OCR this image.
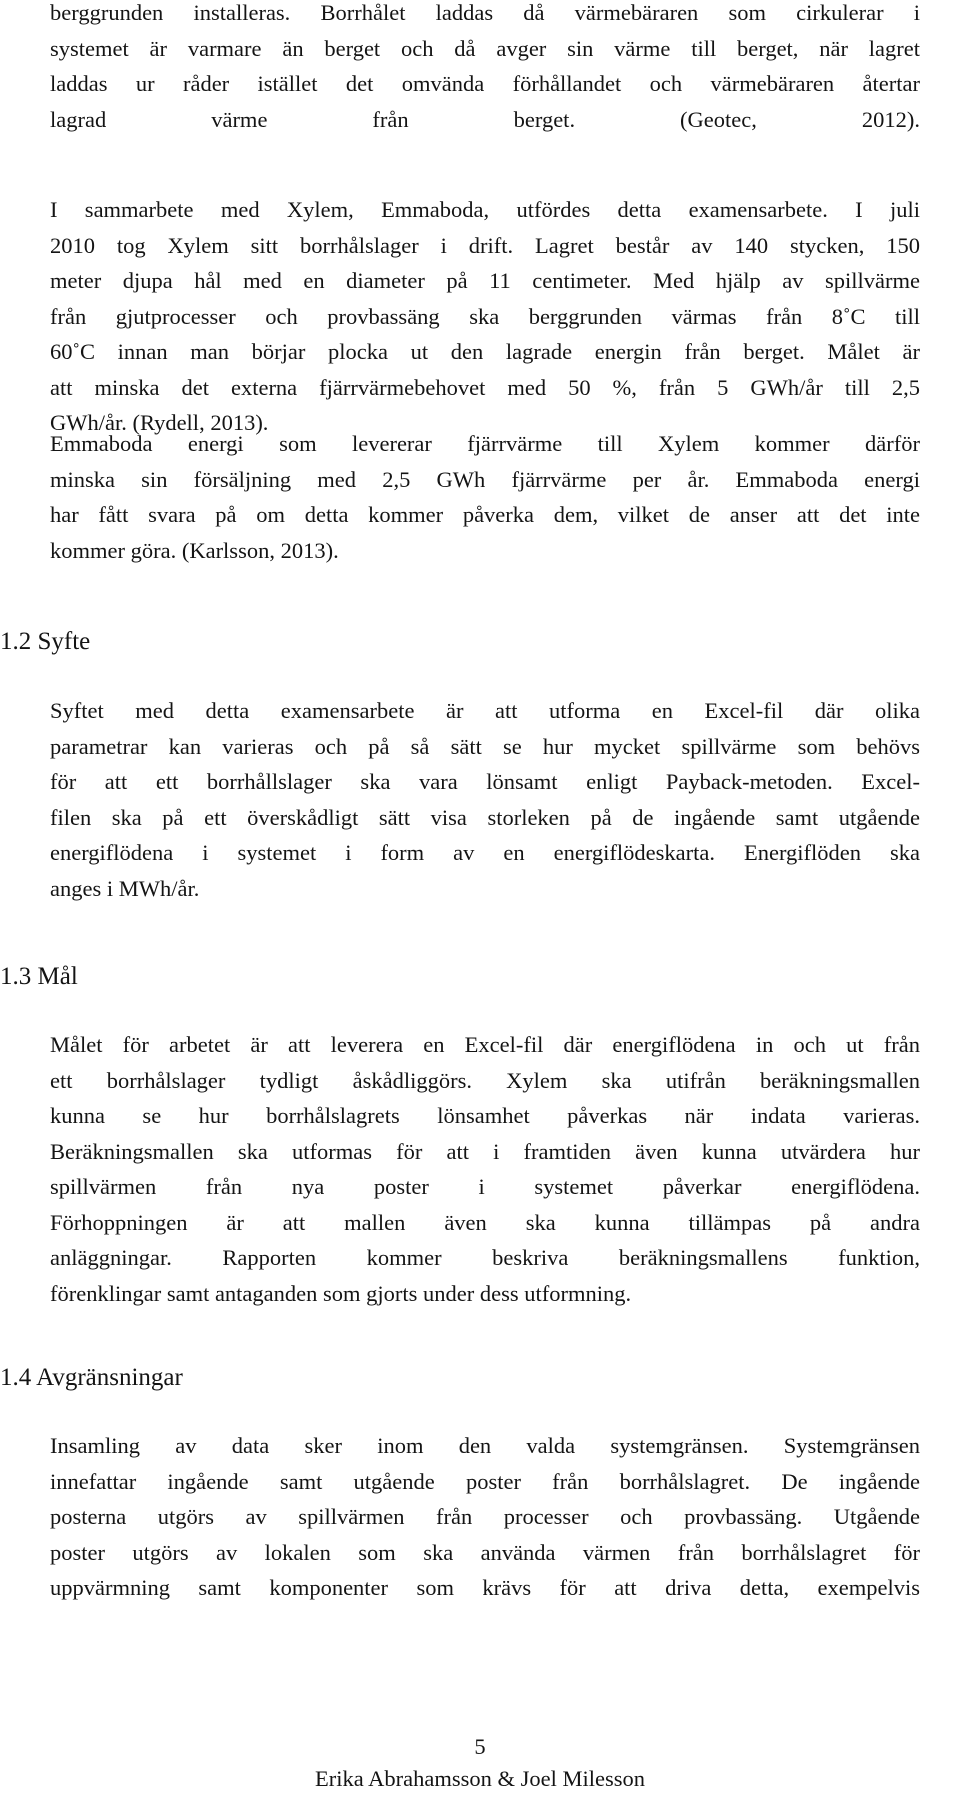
berggrunden installeras. Borrhålet laddas då värmebäraren som cirkulerar i
systemet är varmare än berget och då avger sin värme till berget, när lagret
laddas ur råder istället det omvända förhållandet och värmebäraren återtar
lagrad värme från berget. (Geotec, 2012).
I sammarbete med Xylem, Emmaboda, utfördes detta examensarbete. I juli
2010 tog Xylem sitt borrhålslager i drift. Lagret består av 140 stycken, 150
meter djupa hål med en diameter på 11 centimeter. Med hjälp av spillvärme
från gjutprocesser och provbassäng ska berggrunden värmas från 8˚C till
60˚C innan man börjar plocka ut den lagrade energin från berget. Målet är
att minska det externa fjärrvärmebehovet med 50 %, från 5 GWh/år till 2,5
GWh/år. (Rydell, 2013).
Emmaboda energi som levererar fjärrvärme till Xylem kommer därför
minska sin försäljning med 2,5 GWh fjärrvärme per år. Emmaboda energi
har fått svara på om detta kommer påverka dem, vilket de anser att det inte
kommer göra. (Karlsson, 2013).
1.2 Syfte
Syftet med detta examensarbete är att utforma en Excel-fil där olika
parametrar kan varieras och på så sätt se hur mycket spillvärme som behövs
för att ett borrhållslager ska vara lönsamt enligt Payback-metoden. Excel-
filen ska på ett överskådligt sätt visa storleken på de ingående samt utgående
energiflödena i systemet i form av en energiflödeskarta. Energiflöden ska
anges i MWh/år.
1.3 Mål
Målet för arbetet är att leverera en Excel-fil där energiflödena in och ut från
ett borrhålslager tydligt åskådliggörs. Xylem ska utifrån beräkningsmallen
kunna se hur borrhålslagrets lönsamhet påverkas när indata varieras.
Beräkningsmallen ska utformas för att i framtiden även kunna utvärdera hur
spillvärmen från nya poster i systemet påverkar energiflödena.
Förhoppningen är att mallen även ska kunna tillämpas på andra
anläggningar. Rapporten kommer beskriva beräkningsmallens funktion,
förenklingar samt antaganden som gjorts under dess utformning.
1.4 Avgränsningar
Insamling av data sker inom den valda systemgränsen. Systemgränsen
innefattar ingående samt utgående poster från borrhålslagret. De ingående
posterna utgörs av spillvärmen från processer och provbassäng. Utgående
poster utgörs av lokalen som ska använda värmen från borrhålslagret för
uppvärmning samt komponenter som krävs för att driva detta, exempelvis
5
Erika Abrahamsson & Joel Milesson
